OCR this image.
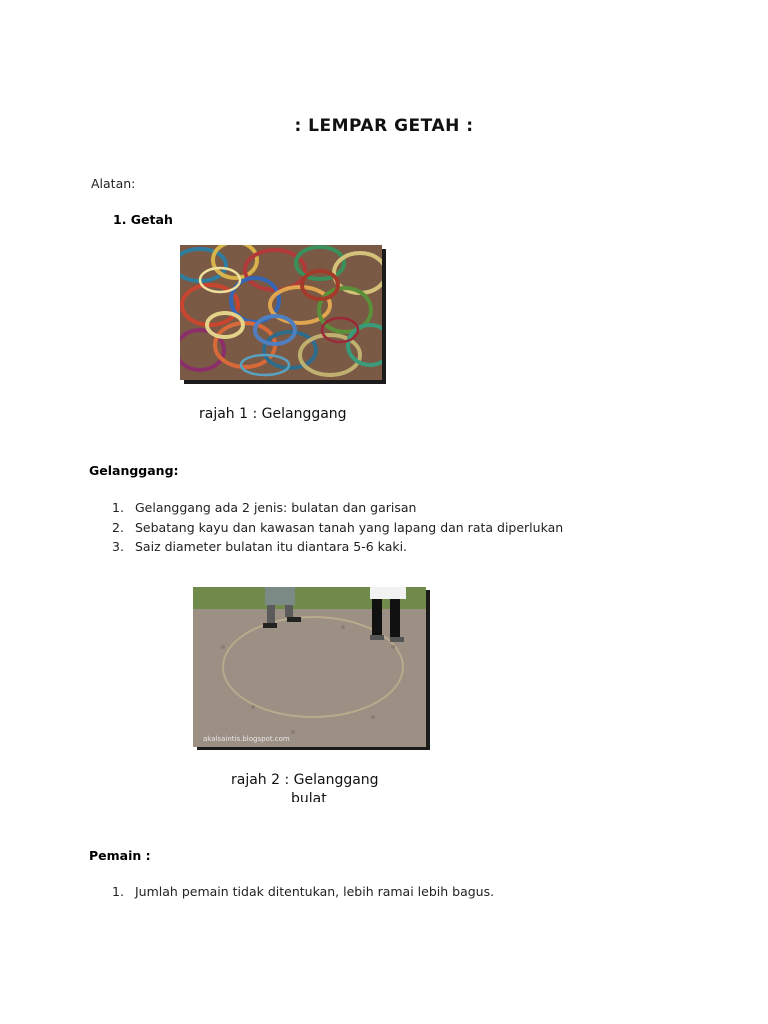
: LEMPAR GETAH :
Alatan:
1. Getah
rajah 1 : Gelanggang
Gelanggang:
1. Gelanggang ada 2 jenis: bulatan dan garisan
2. Sebatang kayu dan kawasan tanah yang lapang dan rata diperlukan
3. Saiz diameter bulatan itu diantara 5-6 kaki.
akalsaintis.blogspot.com
rajah 2 : Gelanggang
bulat
Pemain :
1. Jumlah pemain tidak ditentukan, lebih ramai lebih bagus.
